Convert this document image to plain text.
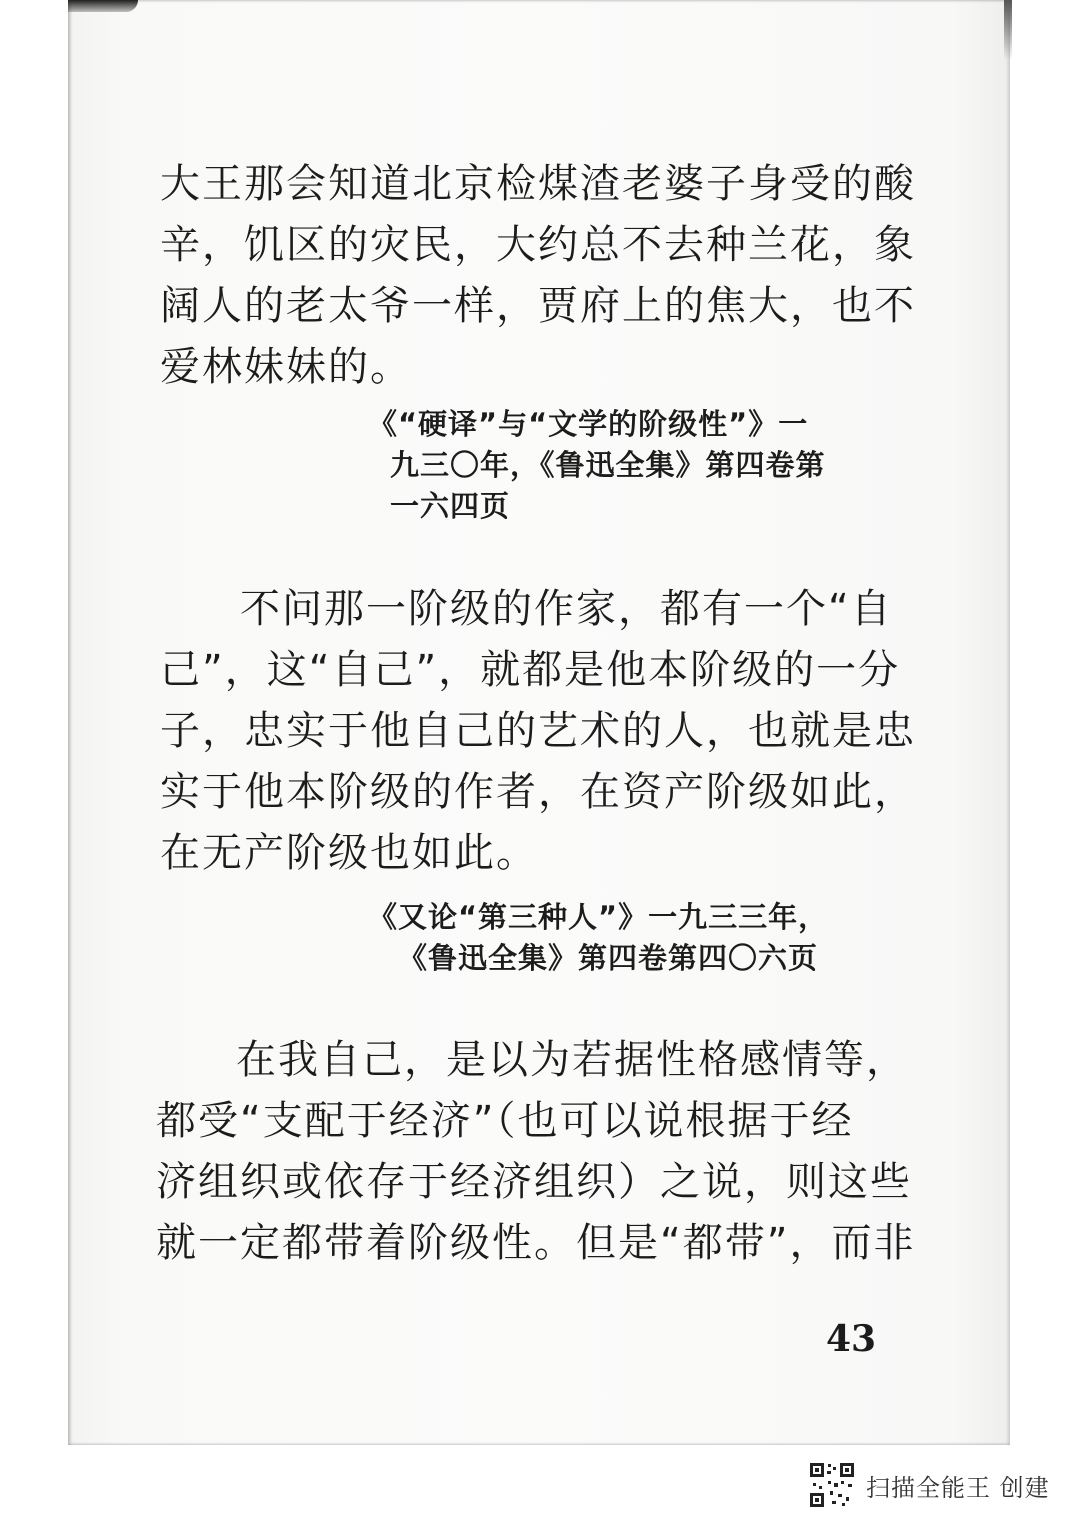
大王那会知道北京检煤渣老婆子身受的酸
辛，饥区的灾民，大约总不去种兰花，象
阔人的老太爷一样，贾府上的焦大，也不
爱林妹妹的。
《“硬译”与“文学的阶级性”》一
九三〇年，《鲁迅全集》第四卷第
一六四页
不问那一阶级的作家，都有一个“自
己”，这“自己”，就都是他本阶级的一分
子，忠实于他自己的艺术的人，也就是忠
实于他本阶级的作者，在资产阶级如此，
在无产阶级也如此。
《又论“第三种人”》一九三三年，
《鲁迅全集》第四卷第四〇六页
在我自己，是以为若据性格感情等，
都受“支配于经济”（也可以说根据于经
济组织或依存于经济组织）之说，则这些
就一定都带着阶级性。但是“都带”，而非
43
扫描全能王 创建
